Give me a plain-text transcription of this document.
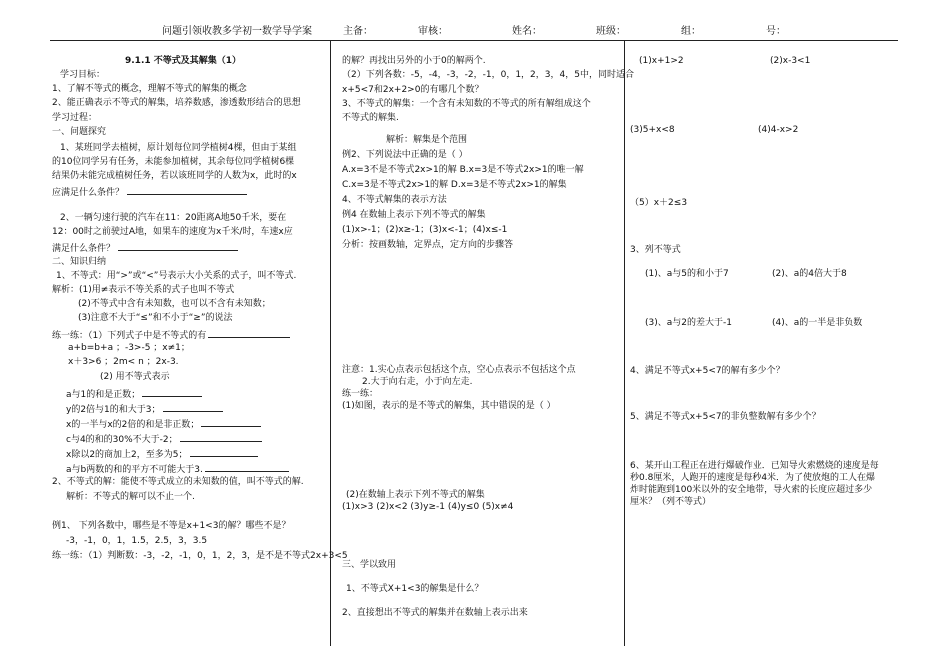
问题引领收教多学初一数学导学案	主备：	审核：	姓名：	班级：	组：	号：
9.1.1 不等式及其解集（1）
学习目标：
1、了解不等式的概念，理解不等式的解集的概念
2、能正确表示不等式的解集，培养数感，渗透数形结合的思想
学习过程：
一、问题探究
1、某班同学去植树，原计划每位同学植树4棵，但由于某组
的10位同学另有任务，未能参加植树，其余每位同学植树6棵
结果仍未能完成植树任务，若以该班同学的人数为x，此时的x
应满足什么条件？
2、一辆匀速行驶的汽车在11：20距离A地50千米，要在
12：00时之前驶过A地，如果车的速度为x千米/时，车速x应
满足什么条件？
二、知识归纳
1、不等式：用“>”或“<”号表示大小关系的式子，叫不等式.
解析：(1)用≠表示不等关系的式子也叫不等式
(2)不等式中含有未知数，也可以不含有未知数；
(3)注意不大于“≤”和不小于“≥”的说法
练一练：（1）下列式子中是不等式的有
a+b=b+a ；-3>-5 ；x≠1；
x＋3>6 ；2m< n ；2x-3.
(2) 用不等式表示
a与1的和是正数；
y的2倍与1的和大于3；
x的一半与x的2倍的和是非正数；
c与4的和的30%不大于-2；
x除以2的商加上2，至多为5；
a与b两数的和的平方不可能大于3.
2、不等式的解：能使不等式成立的未知数的值，叫不等式的解.
解析：不等式的解可以不止一个.
例1、 下列各数中，哪些是不等是x+1<3的解？哪些不是？
-3，-1，0，1，1.5，2.5，3，3.5
练一练：（1）判断数：-3，-2，-1，0，1，2，3，是不是不等式2x+3<5
的解？再找出另外的小于0的解两个.
（2）下列各数：-5，-4，-3，-2，-1，0，1，2，3，4，5中，同时适合
x+5<7和2x+2>0的有哪几个数？
3、不等式的解集：一个含有未知数的不等式的所有解组成这个
不等式的解集.
解析：解集是个范围
例2、下列说法中正确的是（ ）
A.x=3不是不等式2x>1的解 B.x=3是不等式2x>1的唯一解
C.x=3是不等式2x>1的解 D.x=3是不等式2x>1的解集
4、不等式解集的表示方法
例4 在数轴上表示下列不等式的解集
(1)x>-1；(2)x≥-1；(3)x<-1；(4)x≤-1
分析：按画数轴，定界点，定方向的步骤答
注意：1.实心点表示包括这个点，空心点表示不包括这个点
2.大于向右走，小于向左走.
练一练：
(1)如图，表示的是不等式的解集，其中错误的是（ ）
(2)在数轴上表示下列不等式的解集
(1)x>3 (2)x<2 (3)y≥-1 (4)y≤0 (5)x≠4
三、学以致用
1、不等式X+1<3的解集是什么？
2、直接想出不等式的解集并在数轴上表示出来
(1)x+1>2	(2)x-3<1
(3)5+x<8	(4)4-x>2
（5）x＋2≤3
3、列不等式
(1)、a与5的和小于7	(2)、a的4倍大于8
(3)、a与2的差大于-1	(4)、a的一半是非负数
4、满足不等式x+5<7的解有多少个？
5、满足不等式x+5<7的非负整数解有多少个？
6、某开山工程正在进行爆破作业．已知导火索燃烧的速度是每
秒0.8厘米，人跑开的速度是每秒4米．为了使放炮的工人在爆
炸时能跑到100米以外的安全地带，导火索的长度应超过多少
厘米？（列不等式）
